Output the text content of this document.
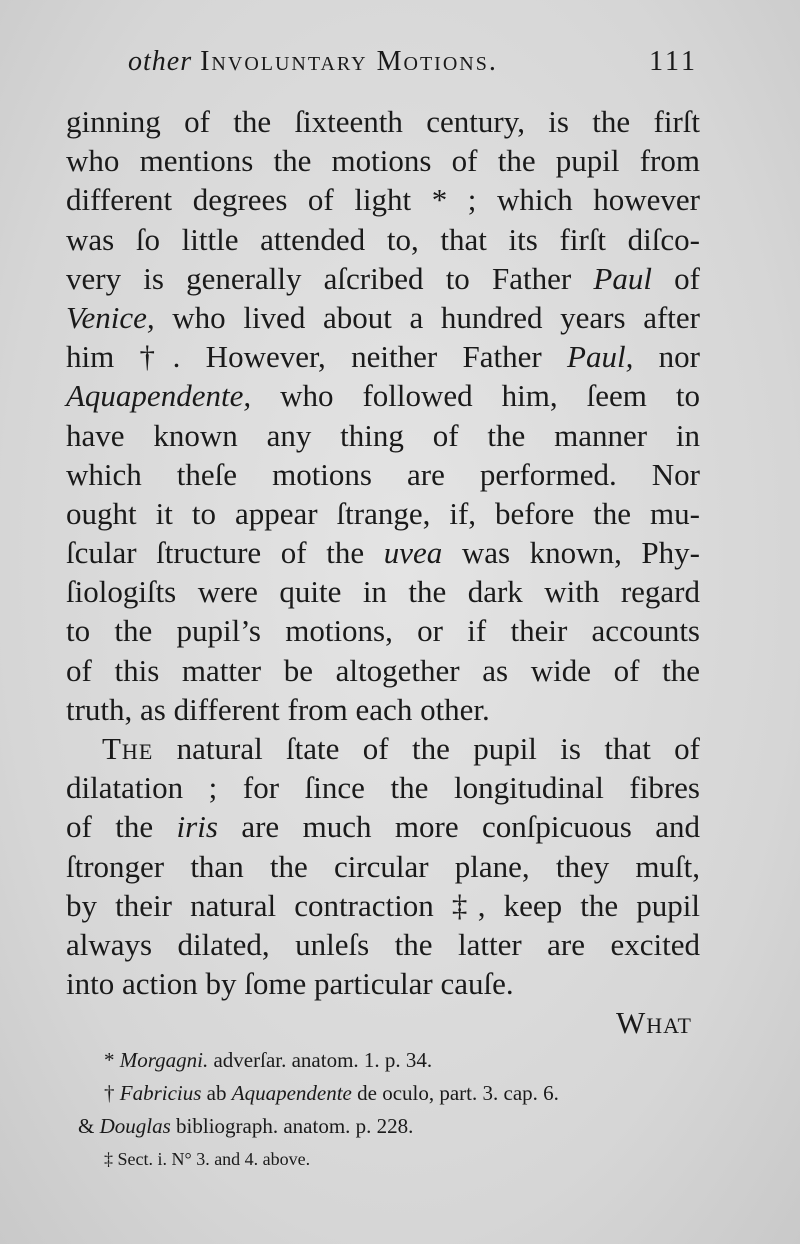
other Involuntary Motions.	111
ginning of the ſixteenth century, is the firſt
who mentions the motions of the pupil from
different degrees of light * ; which however
was ſo little attended to, that its firſt diſco-
very is generally aſcribed to Father Paul of
Venice, who lived about a hundred years after
him †. However, neither Father Paul, nor
Aquapendente, who followed him, ſeem to
have known any thing of the manner in
which theſe motions are performed. Nor
ought it to appear ſtrange, if, before the mu-
ſcular ſtructure of the uvea was known, Phy-
ſiologiſts were quite in the dark with regard
to the pupil’s motions, or if their accounts
of this matter be altogether as wide of the
truth, as different from each other.
The natural ſtate of the pupil is that of
dilatation ; for ſince the longitudinal fibres
of the iris are much more conſpicuous and
ſtronger than the circular plane, they muſt,
by their natural contraction ‡, keep the pupil
always dilated, unleſs the latter are excited
into action by ſome particular cauſe.
What
* Morgagni. adverſar. anatom. 1. p. 34.
† Fabricius ab Aquapendente de oculo, part. 3. cap. 6.
& Douglas bibliograph. anatom. p. 228.
‡ Sect. i. N° 3. and 4. above.
